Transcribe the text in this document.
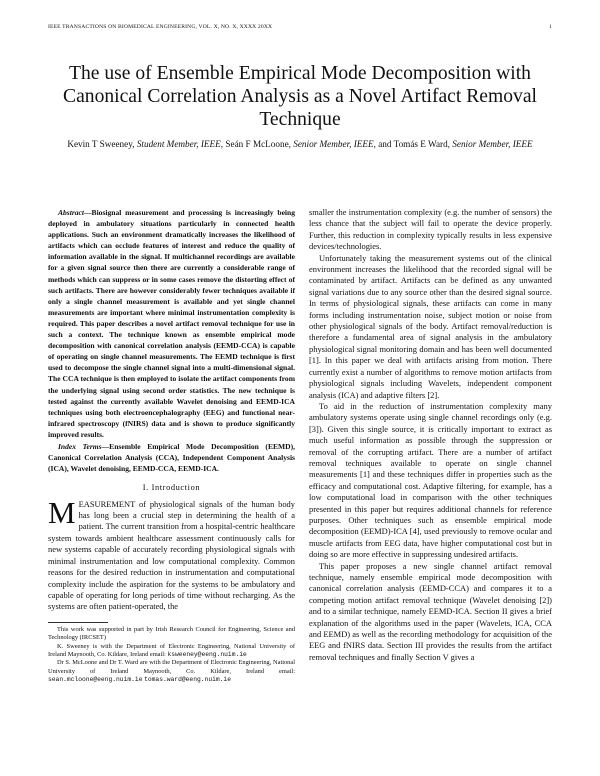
IEEE TRANSACTIONS ON BIOMEDICAL ENGINEERING, VOL. X, NO. X, XXXX 20XX	1
The use of Ensemble Empirical Mode Decomposition with Canonical Correlation Analysis as a Novel Artifact Removal Technique
Kevin T Sweeney, Student Member, IEEE, Seán F McLoone, Senior Member, IEEE, and Tomás E Ward, Senior Member, IEEE
Abstract—Biosignal measurement and processing is increasingly being deployed in ambulatory situations particularly in connected health applications. Such an environment dramatically increases the likelihood of artifacts which can occlude features of interest and reduce the quality of information available in the signal. If multichannel recordings are available for a given signal source then there are currently a considerable range of methods which can suppress or in some cases remove the distorting effect of such artifacts. There are however considerably fewer techniques available if only a single channel measurement is available and yet single channel measurements are important where minimal instrumentation complexity is required. This paper describes a novel artifact removal technique for use in such a context. The technique known as ensemble empirical mode decomposition with canonical correlation analysis (EEMD-CCA) is capable of operating on single channel measurements. The EEMD technique is first used to decompose the single channel signal into a multi-dimensional signal. The CCA technique is then employed to isolate the artifact components from the underlying signal using second order statistics. The new technique is tested against the currently available Wavelet denoising and EEMD-ICA techniques using both electroencephalography (EEG) and functional near-infrared spectroscopy (fNIRS) data and is shown to produce significantly improved results.
Index Terms—Ensemble Empirical Mode Decomposition (EEMD), Canonical Correlation Analysis (CCA), Independent Component Analysis (ICA), Wavelet denoising, EEMD-CCA, EEMD-ICA.
I. Introduction
MEASUREMENT of physiological signals of the human body has long been a crucial step in determining the health of a patient. The current transition from a hospital-centric healthcare system towards ambient healthcare assessment continuously calls for new systems capable of accurately recording physiological signals with minimal instrumentation and low computational complexity. Common reasons for the desired reduction in instrumentation and computational complexity include the aspiration for the systems to be ambulatory and capable of operating for long periods of time without recharging. As the systems are often patient-operated, the

This work was supported in part by Irish Research Council for Engineering, Science and Technology (IRCSET)

K. Sweeney is with the Department of Electronic Engineering, National University of Ireland Maynooth, Co. Kildare, Ireland email: ksweeney@eeng.nuim.ie

Dr S. McLoone and Dr T. Ward are with the Department of Electronic Engineering, National University of Ireland Maynooth, Co. Kildare, Ireland email: sean.mcloone@eeng.nuim.ie tomas.ward@eeng.nuim.ie

smaller the instrumentation complexity (e.g. the number of sensors) the less chance that the subject will fail to operate the device properly. Further, this reduction in complexity typically results in less expensive devices/technologies.
Unfortunately taking the measurement systems out of the clinical environment increases the likelihood that the recorded signal will be contaminated by artifact. Artifacts can be defined as any unwanted signal variations due to any source other than the desired signal source. In terms of physiological signals, these artifacts can come in many forms including instrumentation noise, subject motion or noise from other physiological signals of the body. Artifact removal/reduction is therefore a fundamental area of signal analysis in the ambulatory physiological signal monitoring domain and has been well documented [1]. In this paper we deal with artifacts arising from motion. There currently exist a number of algorithms to remove motion artifacts from physiological signals including Wavelets, independent component analysis (ICA) and adaptive filters [2].
To aid in the reduction of instrumentation complexity many ambulatory systems operate using single channel recordings only (e.g. [3]). Given this single source, it is critically important to extract as much useful information as possible through the suppression or removal of the corrupting artifact. There are a number of artifact removal techniques available to operate on single channel measurements [1] and these techniques differ in properties such as the efficacy and computational cost. Adaptive filtering, for example, has a low computational load in comparison with the other techniques presented in this paper but requires additional channels for reference purposes. Other techniques such as ensemble empirical mode decomposition (EEMD)-ICA [4], used previously to remove ocular and muscle artifacts from EEG data, have higher computational cost but in doing so are more effective in suppressing undesired artifacts.
This paper proposes a new single channel artifact removal technique, namely ensemble empirical mode decomposition with canonical correlation analysis (EEMD-CCA) and compares it to a competing motion artifact removal technique (Wavelet denoising [2]) and to a similar technique, namely EEMD-ICA. Section II gives a brief explanation of the algorithms used in the paper (Wavelets, ICA, CCA and EEMD) as well as the recording methodology for acquisition of the EEG and fNIRS data. Section III provides the results from the artifact removal techniques and finally Section V gives a
